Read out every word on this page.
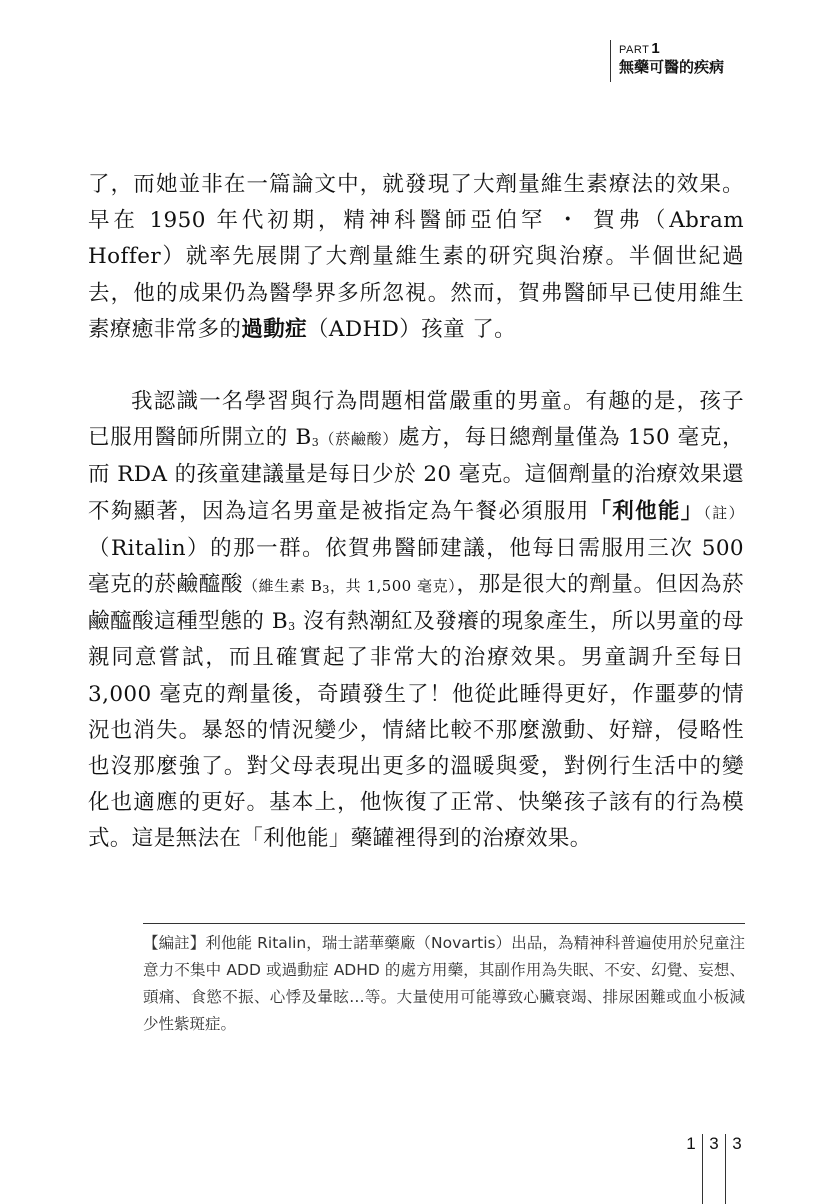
PART 1
無藥可醫的疾病

了，而她並非在一篇論文中，就發現了大劑量維生素療法的效果。早在 1950 年代初期，精神科醫師亞伯罕 ・ 賀弗（Abram Hoffer）就率先展開了大劑量維生素的研究與治療。半個世紀過去，他的成果仍為醫學界多所忽視。然而，賀弗醫師早已使用維生素療癒非常多的過動症（ADHD）孩童 了。

我認識一名學習與行為問題相當嚴重的男童。有趣的是，孩子已服用醫師所開立的 $B_3$（菸鹼酸）處方，每日總劑量僅為 150 毫克，而 RDA 的孩童建議量是每日少於 20 毫克。這個劑量的治療效果還不夠顯著，因為這名男童是被指定為午餐必須服用「利他能」（註）（Ritalin）的那一群。依賀弗醫師建議，他每日需服用三次 500 毫克的菸鹼醯酸（維生素 $B_3$，共 1,500 毫克），那是很大的劑量。但因為菸鹼醯酸這種型態的 $B_3$ 沒有熱潮紅及發癢的現象產生，所以男童的母親同意嘗試，而且確實起了非常大的治療效果。男童調升至每日 3,000 毫克的劑量後，奇蹟發生了！他從此睡得更好，作噩夢的情況也消失。暴怒的情況變少，情緒比較不那麼激動、好辯，侵略性也沒那麼強了。對父母表現出更多的溫暖與愛，對例行生活中的變化也適應的更好。基本上，他恢復了正常、快樂孩子該有的行為模式。這是無法在「利他能」藥罐裡得到的治療效果。

【編註】利他能 Ritalin，瑞士諾華藥廠（Novartis）出品，為精神科普遍使用於兒童注意力不集中 ADD 或過動症 ADHD 的處方用藥，其副作用為失眠、不安、幻覺、妄想、頭痛、食慾不振、心悸及暈眩…等。大量使用可能導致心臟衰竭、排尿困難或血小板減少性紫斑症。
1 3 3
